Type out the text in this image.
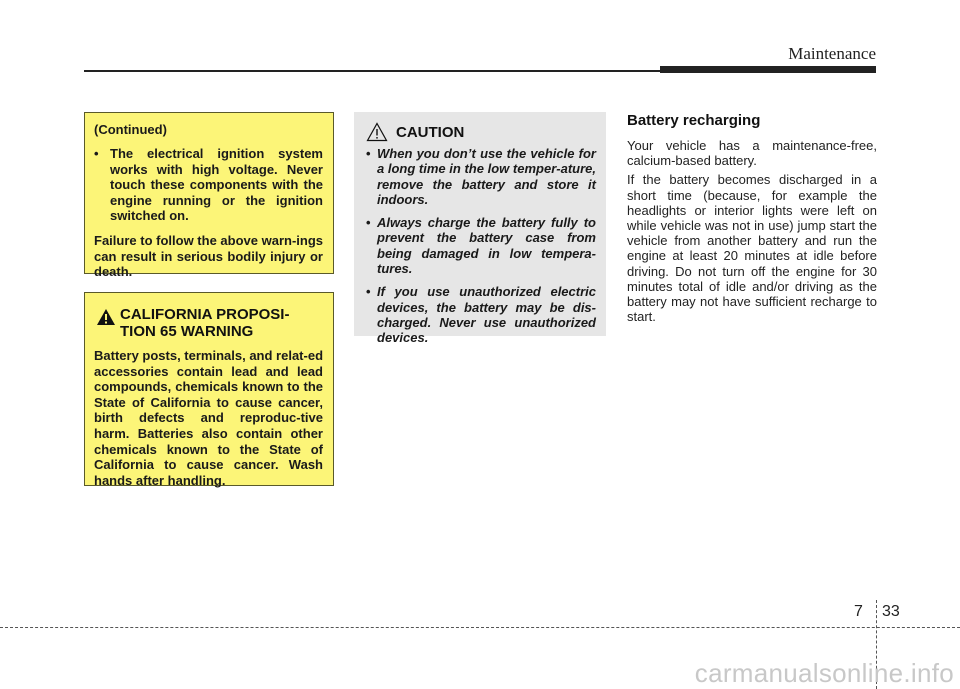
Maintenance
(Continued)
• The electrical ignition system works with high voltage. Never touch these components with the engine running or the ignition switched on.
Failure to follow the above warn-ings can result in serious bodily injury or death.
CALIFORNIA PROPOSI-
TION 65 WARNING
Battery posts, terminals, and relat-ed accessories contain lead and lead compounds, chemicals known to the State of California to cause cancer, birth defects and reproduc-tive harm. Batteries also contain other chemicals known to the State of California to cause cancer. Wash hands after handling.
CAUTION
• When you don’t use the vehicle for a long time in the low temper-ature, remove the battery and store it indoors.
• Always charge the battery fully to prevent the battery case from being damaged in low tempera-tures.
• If you use unauthorized electric devices, the battery may be dis-charged. Never use unauthorized devices.
Battery recharging

Your vehicle has a maintenance-free, calcium-based battery.

If the battery becomes discharged in a short time (because, for example the headlights or interior lights were left on while vehicle was not in use) jump start the vehicle from another battery and run the engine at least 20 minutes at idle before driving. Do not turn off the engine for 30 minutes total of idle and/or driving as the battery may not have sufficient recharge to start.

7 33
carmanualsonline.info
